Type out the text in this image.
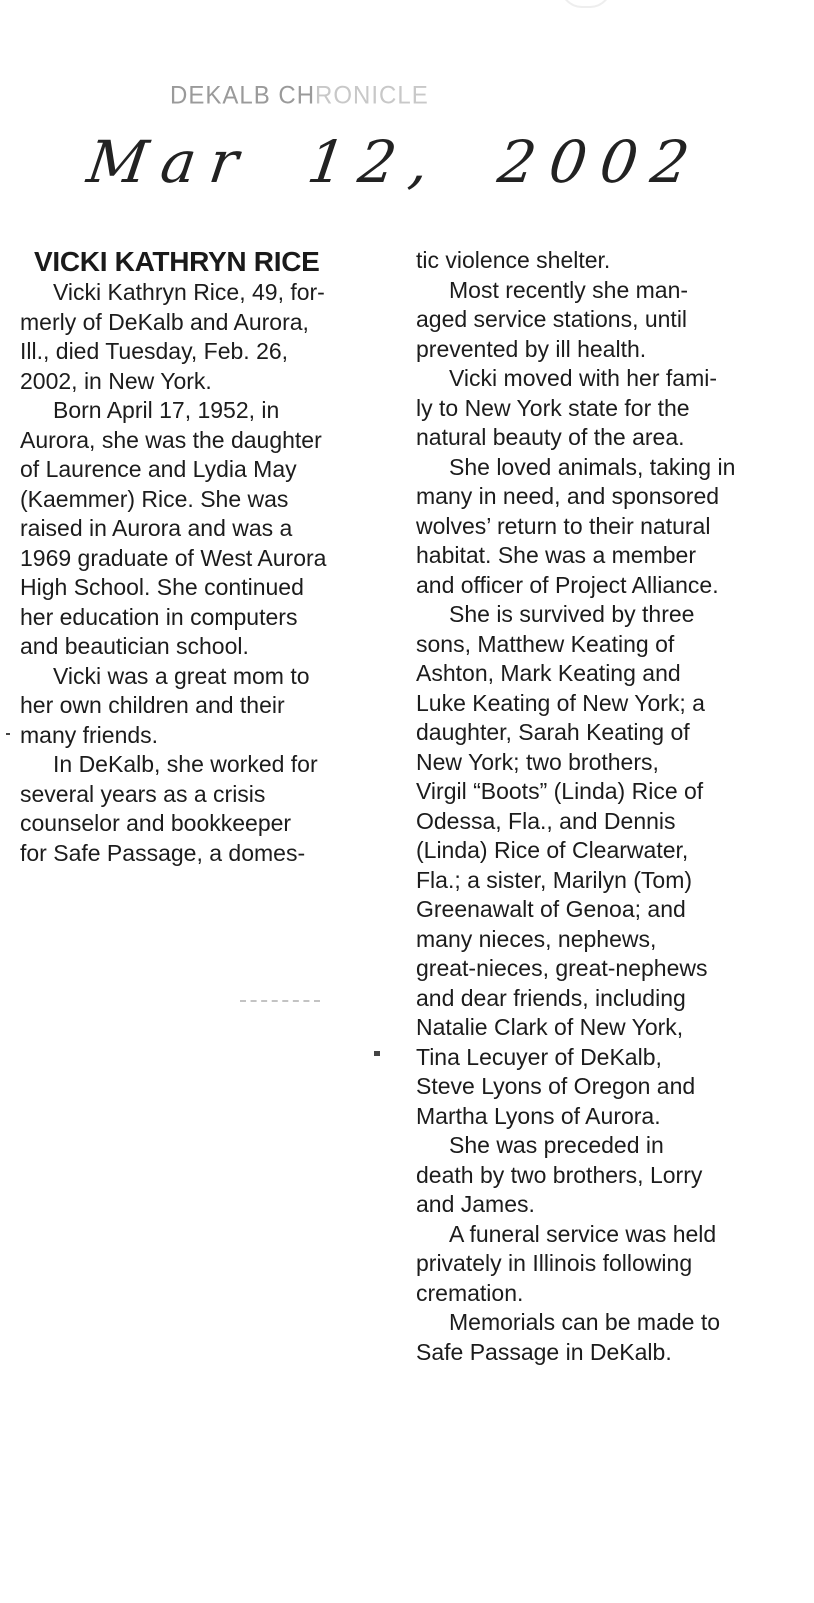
DEKALB CHRONICLE
Mar 12, 2002
VICKI KATHRYN RICE

Vicki Kathryn Rice, 49, for-
merly of DeKalb and Aurora,
Ill., died Tuesday, Feb. 26,
2002, in New York.

Born April 17, 1952, in
Aurora, she was the daughter
of Laurence and Lydia May
(Kaemmer) Rice. She was
raised in Aurora and was a
1969 graduate of West Aurora
High School. She continued
her education in computers
and beautician school.

Vicki was a great mom to
her own children and their
many friends.

In DeKalb, she worked for
several years as a crisis
counselor and bookkeeper
for Safe Passage, a domes-

tic violence shelter.

Most recently she man-
aged service stations, until
prevented by ill health.

Vicki moved with her fami-
ly to New York state for the
natural beauty of the area.

She loved animals, taking in
many in need, and sponsored
wolves’ return to their natural
habitat. She was a member
and officer of Project Alliance.

She is survived by three
sons, Matthew Keating of
Ashton, Mark Keating and
Luke Keating of New York; a
daughter, Sarah Keating of
New York; two brothers,
Virgil “Boots” (Linda) Rice of
Odessa, Fla., and Dennis
(Linda) Rice of Clearwater,
Fla.; a sister, Marilyn (Tom)
Greenawalt of Genoa; and
many nieces, nephews,
great-nieces, great-nephews
and dear friends, including
Natalie Clark of New York,
Tina Lecuyer of DeKalb,
Steve Lyons of Oregon and
Martha Lyons of Aurora.

She was preceded in
death by two brothers, Lorry
and James.

A funeral service was held
privately in Illinois following
cremation.

Memorials can be made to
Safe Passage in DeKalb.
